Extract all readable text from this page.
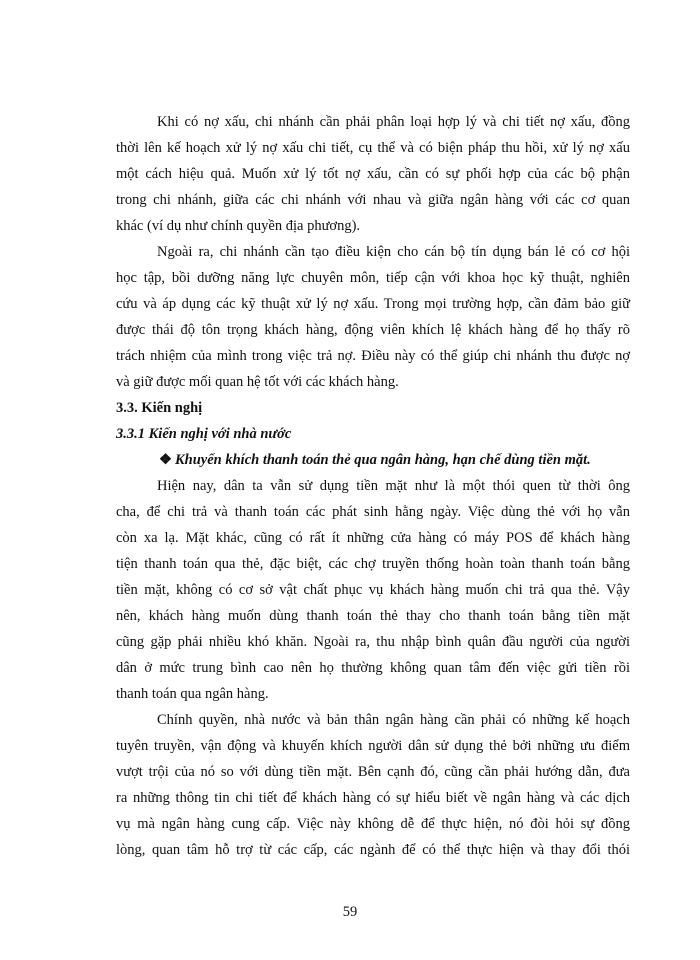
Khi có nợ xấu, chi nhánh cần phải phân loại hợp lý và chi tiết nợ xấu, đồng
thời lên kế hoạch xử lý nợ xấu chi tiết, cụ thể và có biện pháp thu hồi, xử lý nợ xấu
một cách hiệu quả. Muốn xử lý tốt nợ xấu, cần có sự phối hợp của các bộ phận
trong chi nhánh, giữa các chi nhánh với nhau và giữa ngân hàng với các cơ quan
khác (ví dụ như chính quyền địa phương).
Ngoài ra, chi nhánh cần tạo điều kiện cho cán bộ tín dụng bán lẻ có cơ hội
học tập, bồi dưỡng năng lực chuyên môn, tiếp cận với khoa học kỹ thuật, nghiên
cứu và áp dụng các kỹ thuật xử lý nợ xấu. Trong mọi trường hợp, cần đảm bảo giữ
được thái độ tôn trọng khách hàng, động viên khích lệ khách hàng để họ thấy rõ
trách nhiệm của mình trong việc trả nợ. Điều này có thể giúp chi nhánh thu được nợ
và giữ được mối quan hệ tốt với các khách hàng.
3.3. Kiến nghị
3.3.1 Kiến nghị với nhà nước
❖ Khuyến khích thanh toán thẻ qua ngân hàng, hạn chế dùng tiền mặt.
Hiện nay, dân ta vẫn sử dụng tiền mặt như là một thói quen từ thời ông
cha, để chi trả và thanh toán các phát sinh hằng ngày. Việc dùng thẻ với họ vẫn
còn xa lạ. Mặt khác, cũng có rất ít những cửa hàng có máy POS để khách hàng
tiện thanh toán qua thẻ, đặc biệt, các chợ truyền thống hoàn toàn thanh toán bằng
tiền mặt, không có cơ sở vật chất phục vụ khách hàng muốn chi trả qua thẻ. Vậy
nên, khách hàng muốn dùng thanh toán thẻ thay cho thanh toán bằng tiền mặt
cũng gặp phải nhiều khó khăn. Ngoài ra, thu nhập bình quân đầu người của người
dân ở mức trung bình cao nên họ thường không quan tâm đến việc gửi tiền rồi
thanh toán qua ngân hàng.
Chính quyền, nhà nước và bản thân ngân hàng cần phải có những kế hoạch
tuyên truyền, vận động và khuyến khích người dân sử dụng thẻ bởi những ưu điểm
vượt trội của nó so với dùng tiền mặt. Bên cạnh đó, cũng cần phải hướng dẫn, đưa
ra những thông tin chi tiết để khách hàng có sự hiểu biết về ngân hàng và các dịch
vụ mà ngân hàng cung cấp. Việc này không dễ để thực hiện, nó đòi hỏi sự đồng
lòng, quan tâm hỗ trợ từ các cấp, các ngành để có thể thực hiện và thay đổi thói
59
